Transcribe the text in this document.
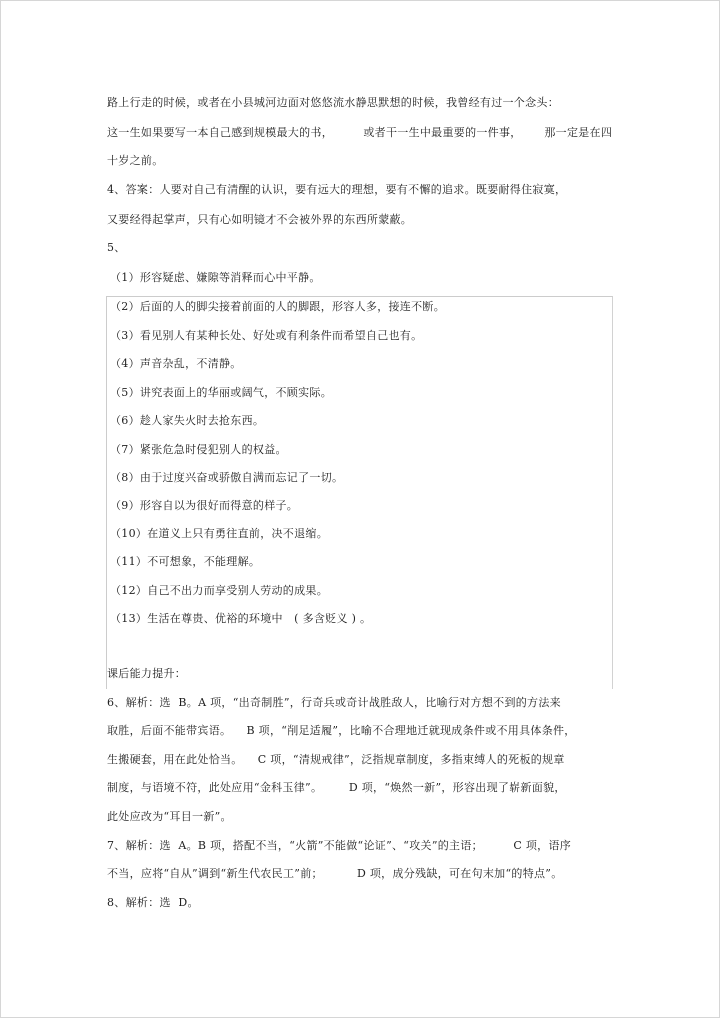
路上行走的时候，或者在小县城河边面对悠悠流水静思默想的时候，我曾经有过一个念头：
这一生如果要写一本自己感到规模最大的书，        或者干一生中最重要的一件事，      那一定是在四
十岁之前。
4、答案：人要对自己有清醒的认识，要有远大的理想，要有不懈的追求。既要耐得住寂寞，
又要经得起掌声，只有心如明镜才不会被外界的东西所蒙蔽。
5、
（1）形容疑虑、嫌隙等消释而心中平静。
（2）后面的人的脚尖接着前面的人的脚跟，形容人多，接连不断。
（3）看见别人有某种长处、好处或有利条件而希望自己也有。
（4）声音杂乱，不清静。
（5）讲究表面上的华丽或阔气，不顾实际。
（6）趁人家失火时去抢东西。
（7）紧张危急时侵犯别人的权益。
（8）由于过度兴奋或骄傲自满而忘记了一切。
（9）形容自以为很好而得意的样子。
（10）在道义上只有勇往直前，决不退缩。
（11）不可想象，不能理解。
（12）自己不出力而享受别人劳动的成果。
（13）生活在尊贵、优裕的环境中   ( 多含贬义 ) 。
课后能力提升：
6、解析：选  B。A 项，“出奇制胜”，行奇兵或奇计战胜敌人，比喻行对方想不到的方法来
取胜，后面不能带宾语。    B 项，“削足适履”，比喻不合理地迁就现成条件或不用具体条件，
生搬硬套，用在此处恰当。    C 项，“清规戒律”，泛指规章制度，多指束缚人的死板的规章
制度，与语境不符，此处应用“金科玉律”。       D 项，“焕然一新”，形容出现了崭新面貌，
此处应改为“耳目一新”。
7、解析：选  A。B 项，搭配不当，“火箭”不能做“论证”、“攻关”的主语；        C 项，语序
不当，应将“自从”调到“新生代农民工”前；         D 项，成分残缺，可在句末加“的特点”。
8、解析：选  D。
